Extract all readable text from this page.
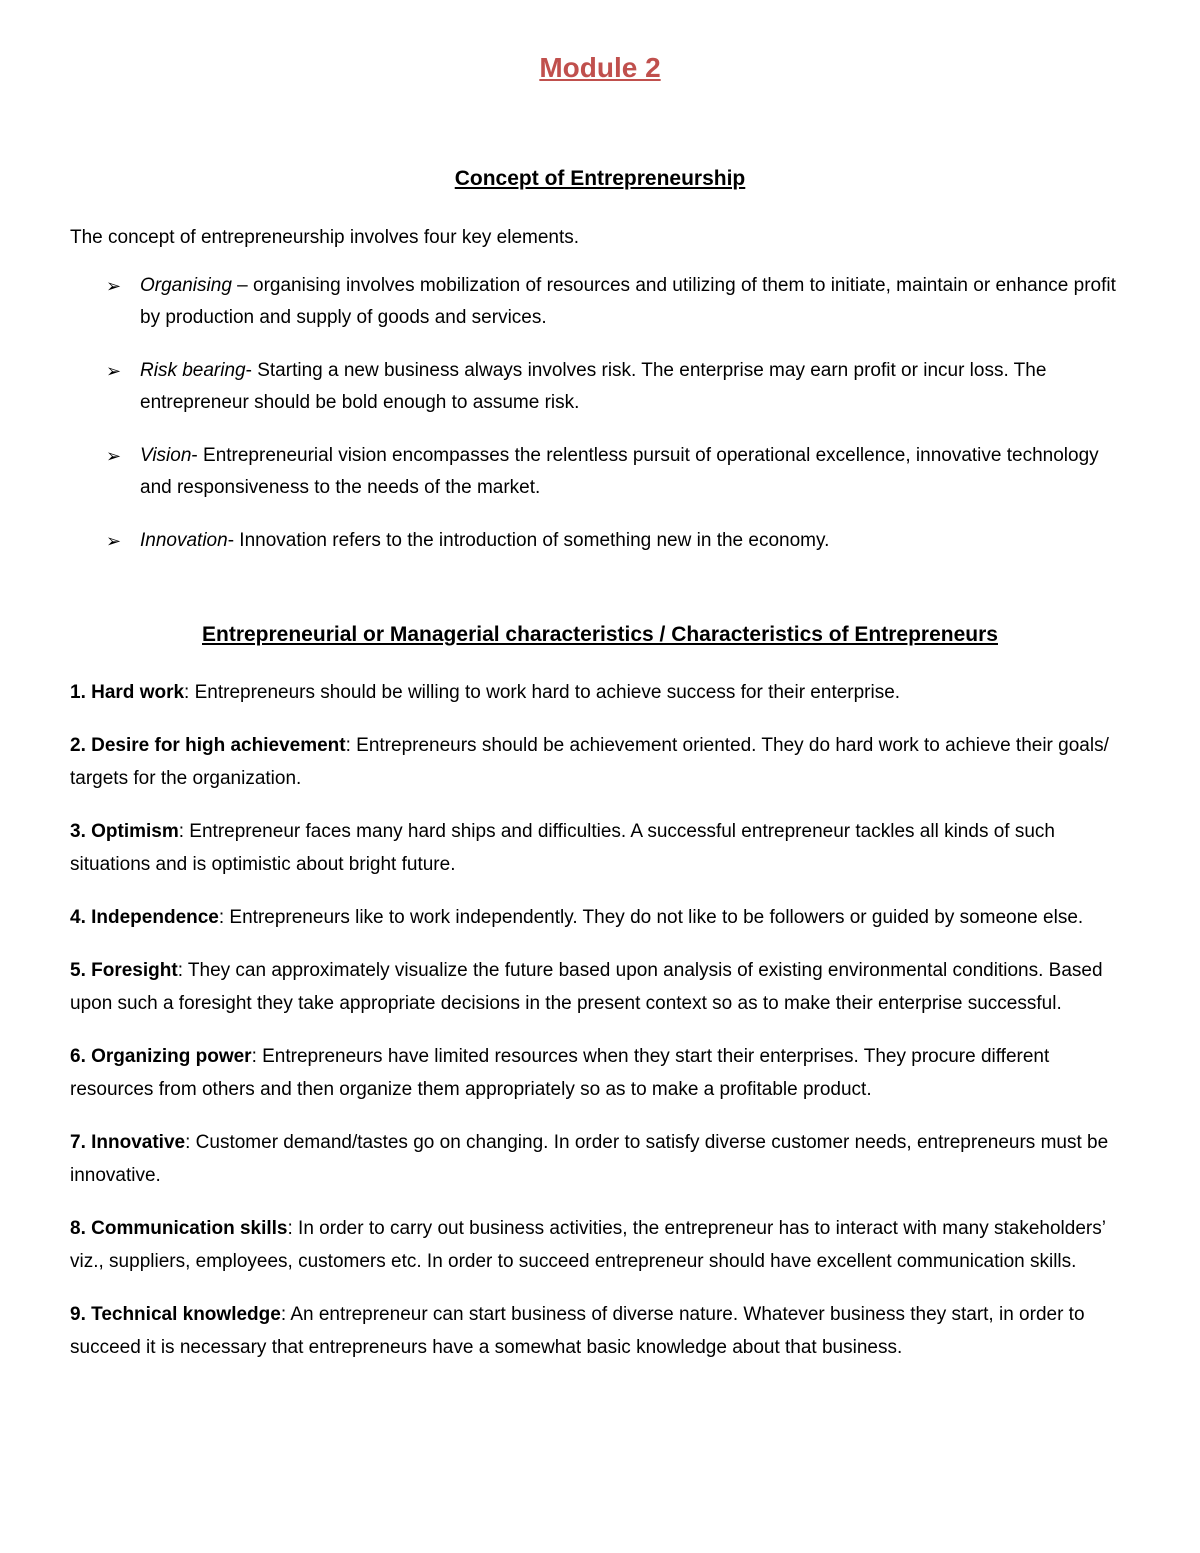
Module 2
Concept of Entrepreneurship

The concept of entrepreneurship involves four key elements.

➢ Organising – organising involves mobilization of resources and utilizing of them to initiate, maintain or enhance profit by production and supply of goods and services.
➢ Risk bearing- Starting a new business always involves risk. The enterprise may earn profit or incur loss. The entrepreneur should be bold enough to assume risk.
➢ Vision- Entrepreneurial vision encompasses the relentless pursuit of operational excellence, innovative technology and responsiveness to the needs of the market.
➢ Innovation- Innovation refers to the introduction of something new in the economy.
Entrepreneurial or Managerial characteristics / Characteristics of Entrepreneurs
1. Hard work: Entrepreneurs should be willing to work hard to achieve success for their enterprise.
2. Desire for high achievement: Entrepreneurs should be achievement oriented. They do hard work to achieve their goals/ targets for the organization.
3. Optimism: Entrepreneur faces many hard ships and difficulties. A successful entrepreneur tackles all kinds of such situations and is optimistic about bright future.
4. Independence: Entrepreneurs like to work independently. They do not like to be followers or guided by someone else.
5. Foresight: They can approximately visualize the future based upon analysis of existing environmental conditions. Based upon such a foresight they take appropriate decisions in the present context so as to make their enterprise successful.
6. Organizing power: Entrepreneurs have limited resources when they start their enterprises. They procure different resources from others and then organize them appropriately so as to make a profitable product.
7. Innovative: Customer demand/tastes go on changing. In order to satisfy diverse customer needs, entrepreneurs must be innovative.
8. Communication skills: In order to carry out business activities, the entrepreneur has to interact with many stakeholders’ viz., suppliers, employees, customers etc. In order to succeed entrepreneur should have excellent communication skills.
9. Technical knowledge: An entrepreneur can start business of diverse nature. Whatever business they start, in order to succeed it is necessary that entrepreneurs have a somewhat basic knowledge about that business.
